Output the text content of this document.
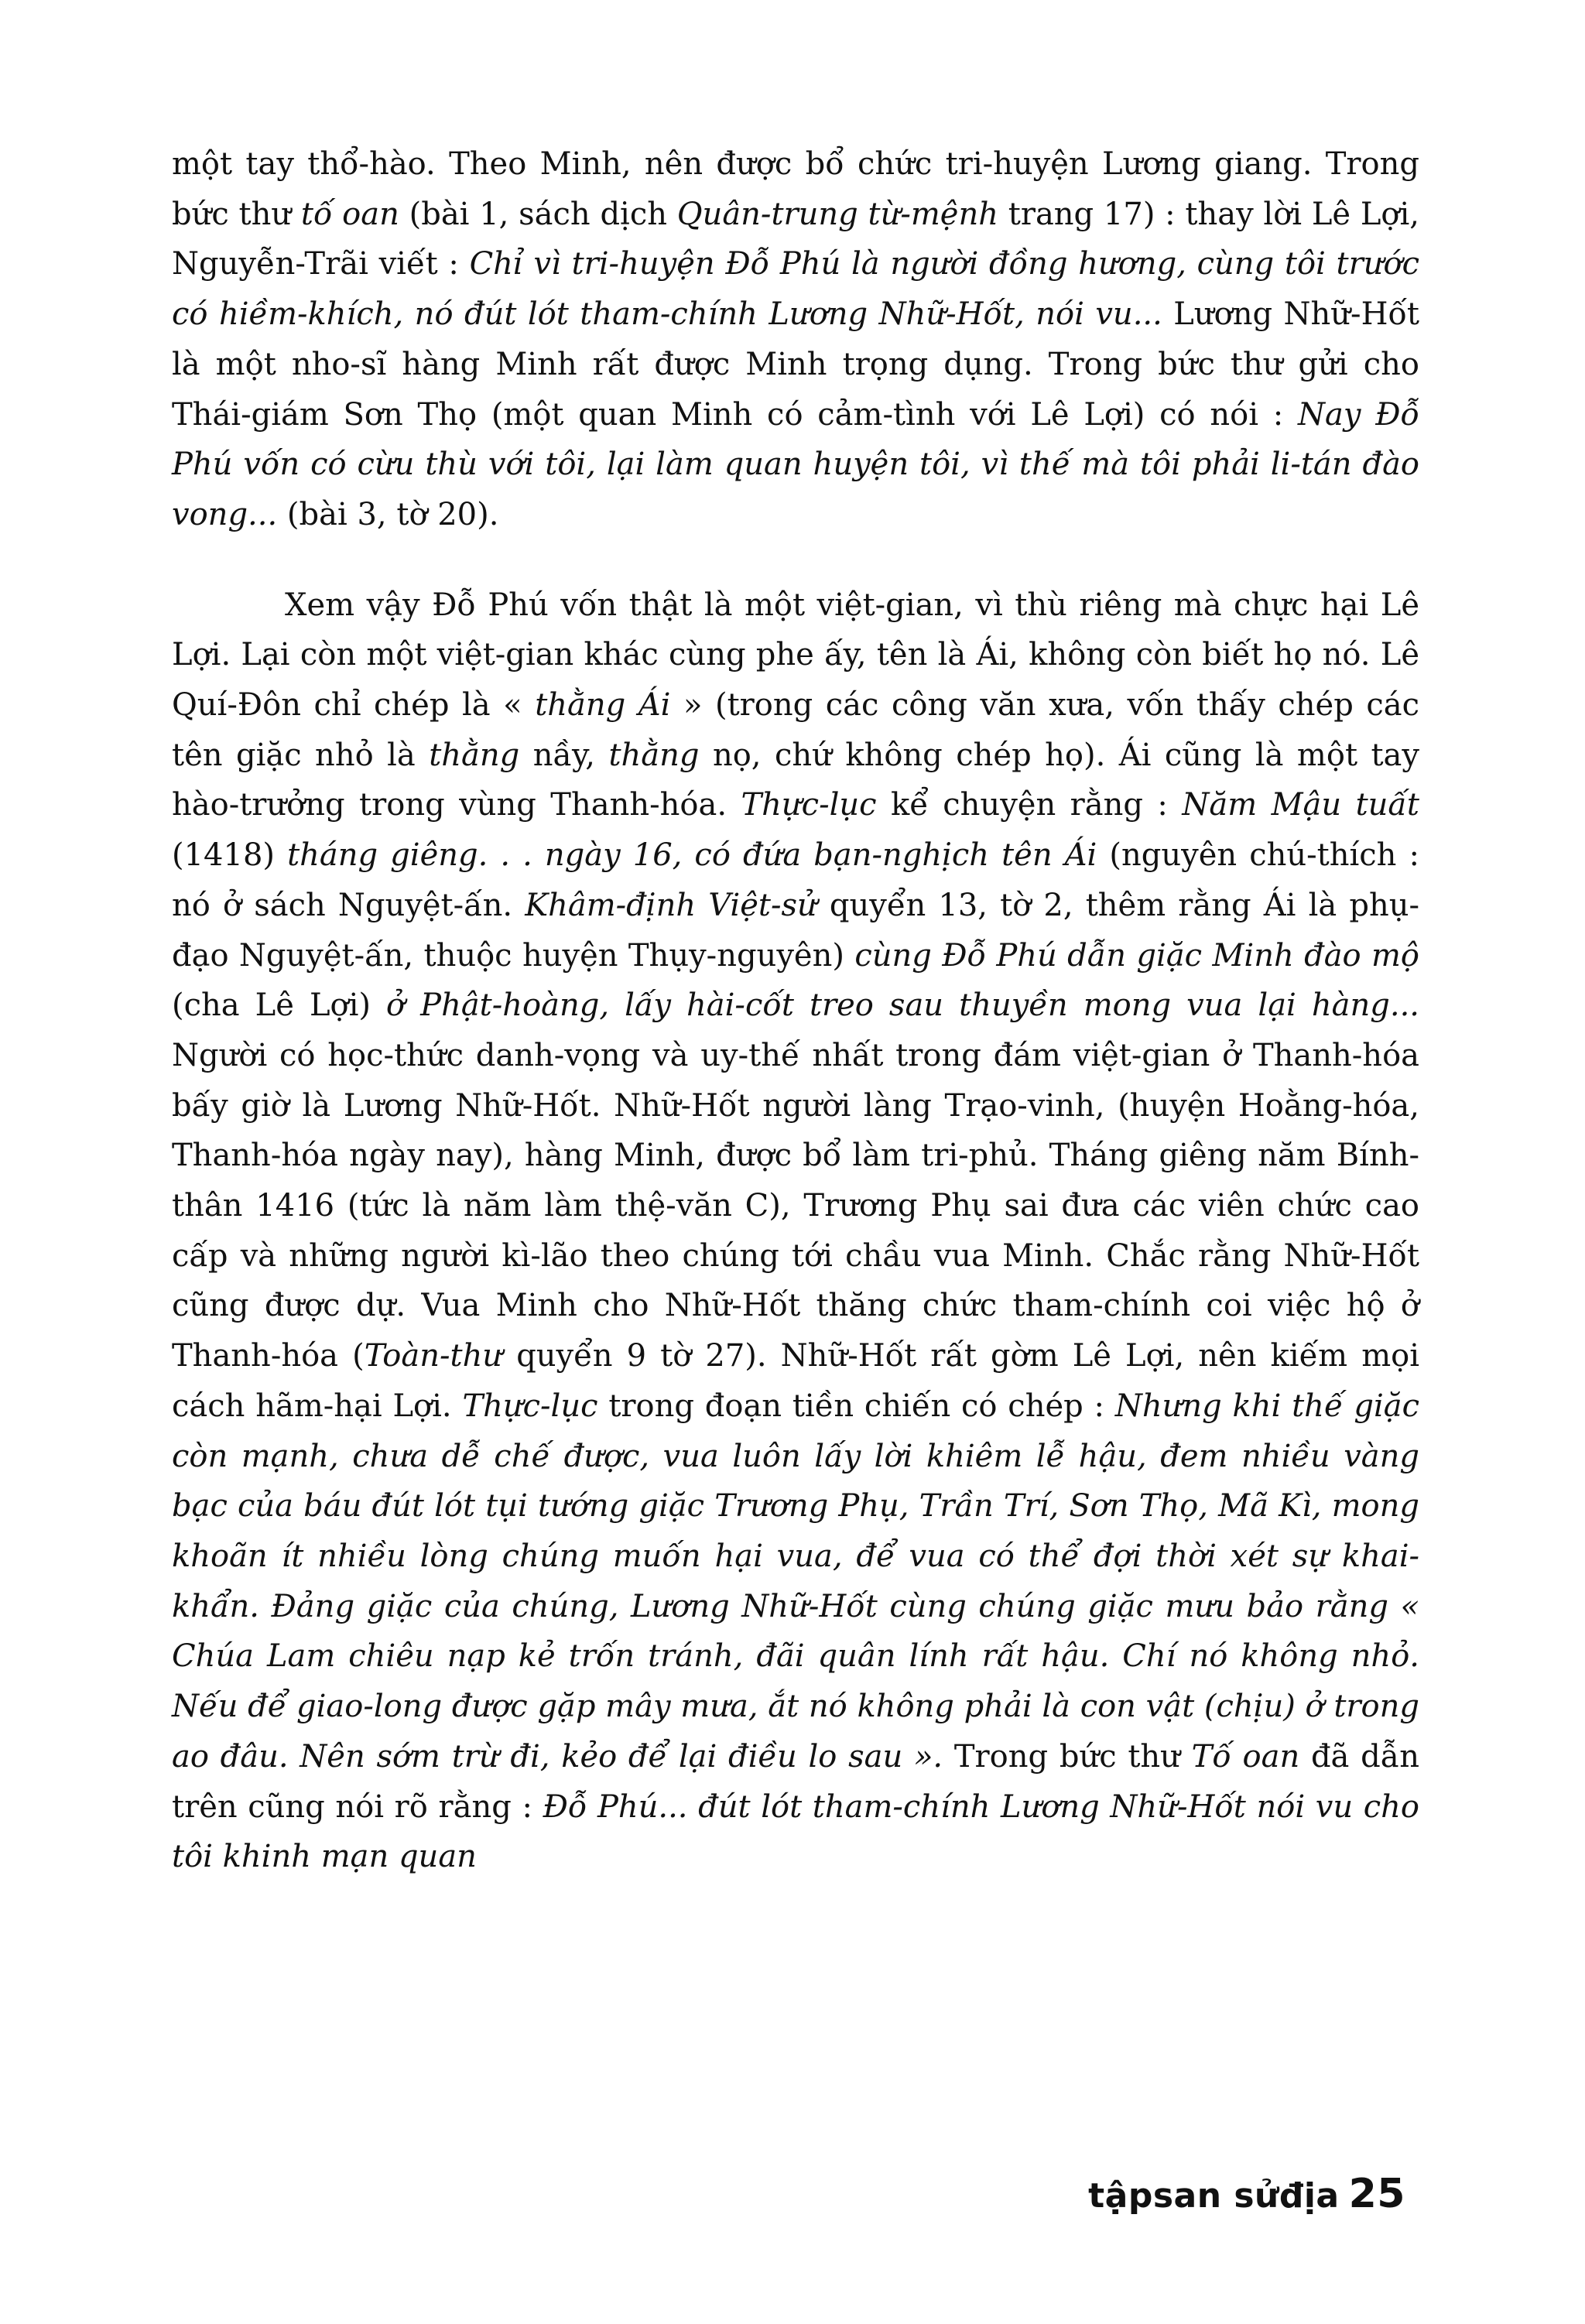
một tay thổ-hào. Theo Minh, nên được bổ chức tri-huyện Lương giang. Trong bức thư tố oan (bài 1, sách dịch Quân-trung từ-mệnh trang 17) : thay lời Lê Lợi, Nguyễn-Trãi viết : Chỉ vì tri-huyện Đỗ Phú là người đồng hương, cùng tôi trước có hiềm-khích, nó đút lót tham-chính Lương Nhữ-Hốt, nói vu... Lương Nhữ-Hốt là một nho-sĩ hàng Minh rất được Minh trọng dụng. Trong bức thư gửi cho Thái-giám Sơn Thọ (một quan Minh có cảm-tình với Lê Lợi) có nói : Nay Đỗ Phú vốn có cừu thù với tôi, lại làm quan huyện tôi, vì thế mà tôi phải li-tán đào vong... (bài 3, tờ 20).

Xem vậy Đỗ Phú vốn thật là một việt-gian, vì thù riêng mà chực hại Lê Lợi. Lại còn một việt-gian khác cùng phe ấy, tên là Ái, không còn biết họ nó. Lê Quí-Đôn chỉ chép là « thằng Ái » (trong các công văn xưa, vốn thấy chép các tên giặc nhỏ là thằng nầy, thằng nọ, chứ không chép họ). Ái cũng là một tay hào-trưởng trong vùng Thanh-hóa. Thực-lục kể chuyện rằng : Năm Mậu tuất (1418) tháng giêng. . . ngày 16, có đứa bạn-nghịch tên Ái (nguyên chú-thích : nó ở sách Nguyệt-ấn. Khâm-định Việt-sử quyển 13, tờ 2, thêm rằng Ái là phụ-đạo Nguyệt-ấn, thuộc huyện Thụy-nguyên) cùng Đỗ Phú dẫn giặc Minh đào mộ (cha Lê Lợi) ở Phật-hoàng, lấy hài-cốt treo sau thuyền mong vua lại hàng... Người có học-thức danh-vọng và uy-thế nhất trong đám việt-gian ở Thanh-hóa bấy giờ là Lương Nhữ-Hốt. Nhữ-Hốt người làng Trạo-vinh, (huyện Hoằng-hóa, Thanh-hóa ngày nay), hàng Minh, được bổ làm tri-phủ. Tháng giêng năm Bính-thân 1416 (tức là năm làm thệ-văn C), Trương Phụ sai đưa các viên chức cao cấp và những người kì-lão theo chúng tới chầu vua Minh. Chắc rằng Nhữ-Hốt cũng được dự. Vua Minh cho Nhữ-Hốt thăng chức tham-chính coi việc hộ ở Thanh-hóa (Toàn-thư quyển 9 tờ 27). Nhữ-Hốt rất gờm Lê Lợi, nên kiếm mọi cách hãm-hại Lợi. Thực-lục trong đoạn tiền chiến có chép : Nhưng khi thế giặc còn mạnh, chưa dễ chế được, vua luôn lấy lời khiêm lễ hậu, đem nhiều vàng bạc của báu đút lót tụi tướng giặc Trương Phụ, Trần Trí, Sơn Thọ, Mã Kì, mong khoãn ít nhiều lòng chúng muốn hại vua, để vua có thể đợi thời xét sự khai-khẩn. Đảng giặc của chúng, Lương Nhữ-Hốt cùng chúng giặc mưu bảo rằng « Chúa Lam chiêu nạp kẻ trốn tránh, đãi quân lính rất hậu. Chí nó không nhỏ. Nếu để giao-long được gặp mây mưa, ắt nó không phải là con vật (chịu) ở trong ao đâu. Nên sớm trừ đi, kẻo để lại điều lo sau ». Trong bức thư Tố oan đã dẫn trên cũng nói rõ rằng : Đỗ Phú... đút lót tham-chính Lương Nhữ-Hốt nói vu cho tôi khinh mạn quan

tậpsan sửđịa 25
